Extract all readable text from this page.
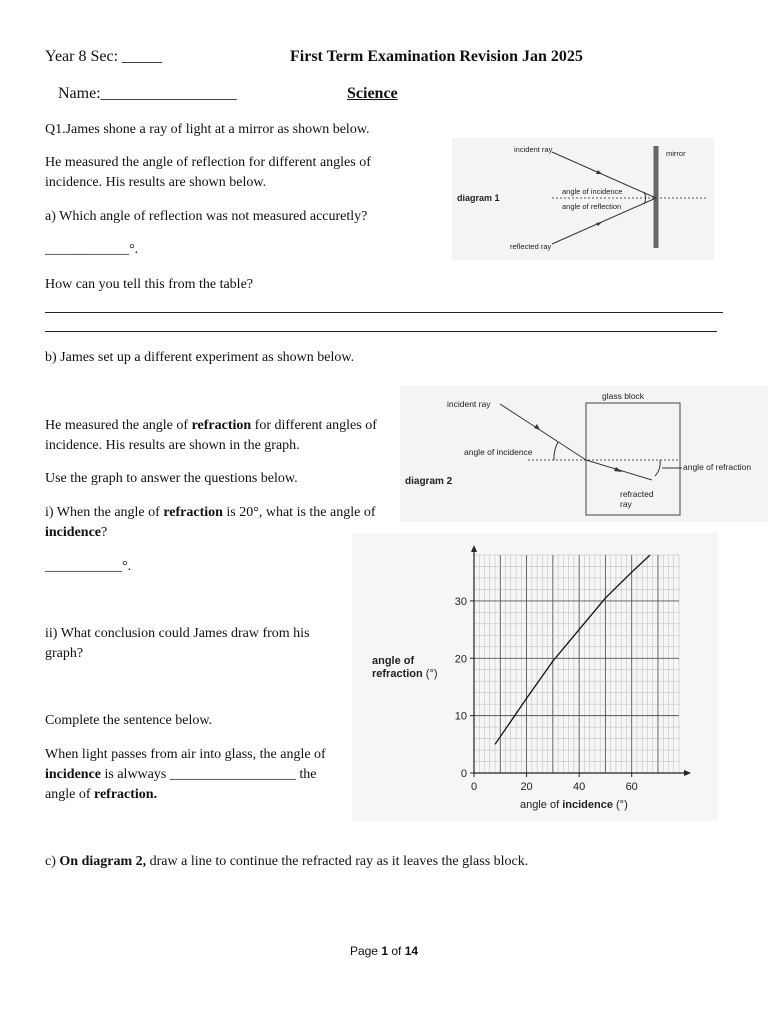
Year 8 Sec: _____	First Term Examination Revision Jan 2025
Name:_________________	Science
Q1.James shone a ray of light at a mirror as shown below.
He measured the angle of reflection for different angles of incidence. His results are shown below.
a) Which angle of reflection was not measured accuretly?
____________°.
How can you tell this from the table?
b) James set up a different experiment as shown below.
He measured the angle of refraction for different angles of incidence. His results are shown in the graph.
Use the graph to answer the questions below.
i) When the angle of refraction is 20°, what is the angle of incidence?
___________°.
ii) What conclusion could James draw from his graph?
Complete the sentence below.
When light passes from air into glass, the angle of incidence is alwways __________________ the angle of refraction.
c) On diagram 2, draw a line to continue the refracted ray as it leaves the glass block.
incident ray	mirror
diagram 1
angle of incidence
angle of reflection
reflected ray
incident ray
glass block
angle of incidence
angle of refraction
diagram 2
refracted
ray
0	20	40	60
0
10
20
30
angle of
refraction (°)
angle of incidence (°)
Page 1 of 14
